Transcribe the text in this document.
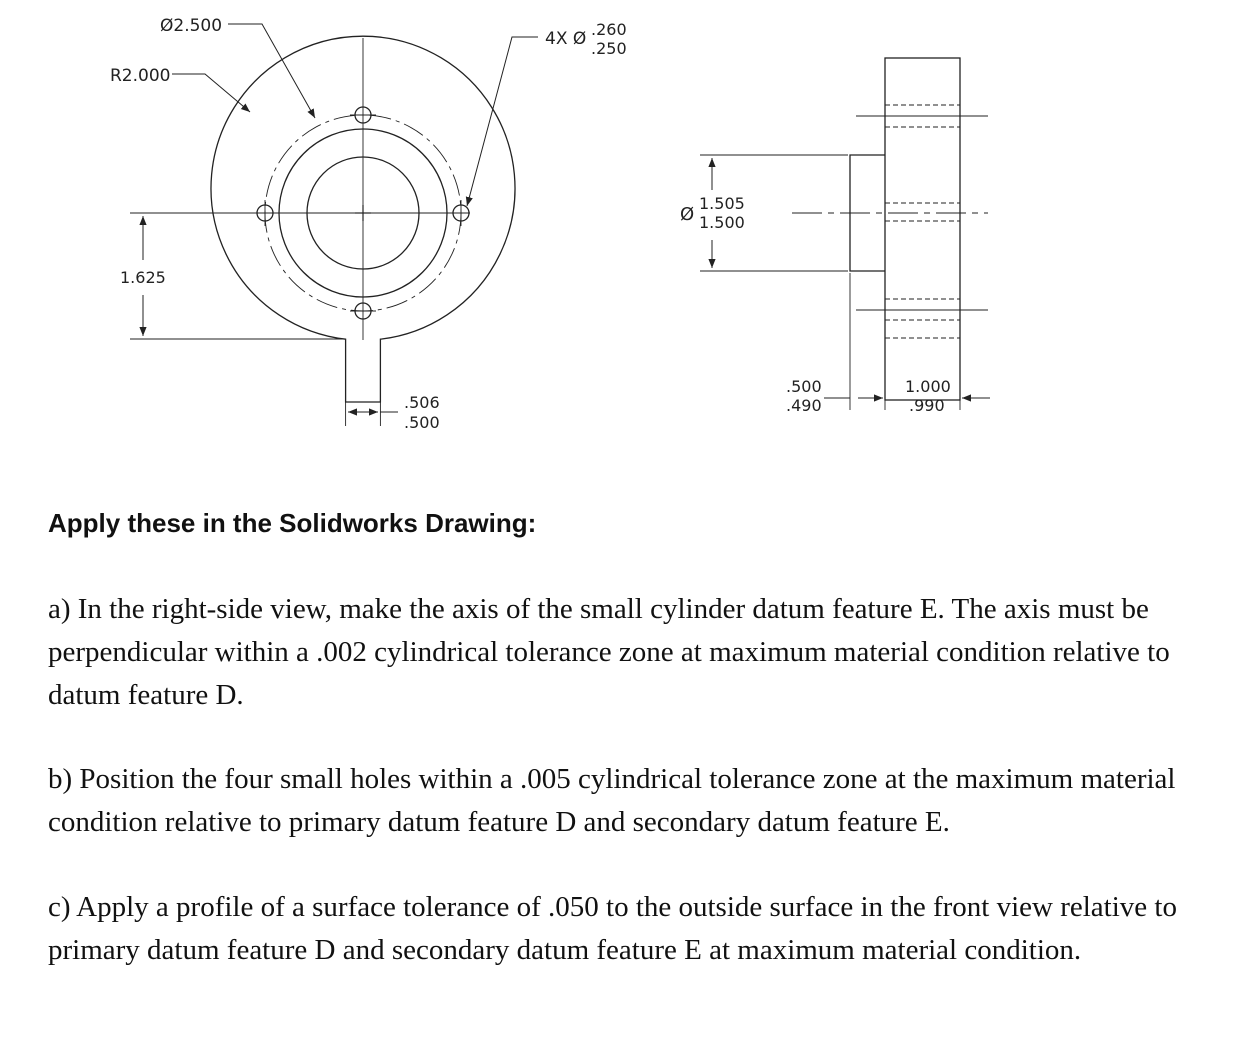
Ø2.500
R2.000
4X Ø .260
.250
1.625
.506
.500
Ø
1.505
1.500
.500
.490
1.000
.990
Apply these in the Solidworks Drawing:

a) In the right-side view, make the axis of the small cylinder datum feature E. The axis must be perpendicular within a .002 cylindrical tolerance zone at maximum material condition relative to datum feature D.

b) Position the four small holes within a .005 cylindrical tolerance zone at the maximum material condition relative to primary datum feature D and secondary datum feature E.

c) Apply a profile of a surface tolerance of .050 to the outside surface in the front view relative to primary datum feature D and secondary datum feature E at maximum material condition.
